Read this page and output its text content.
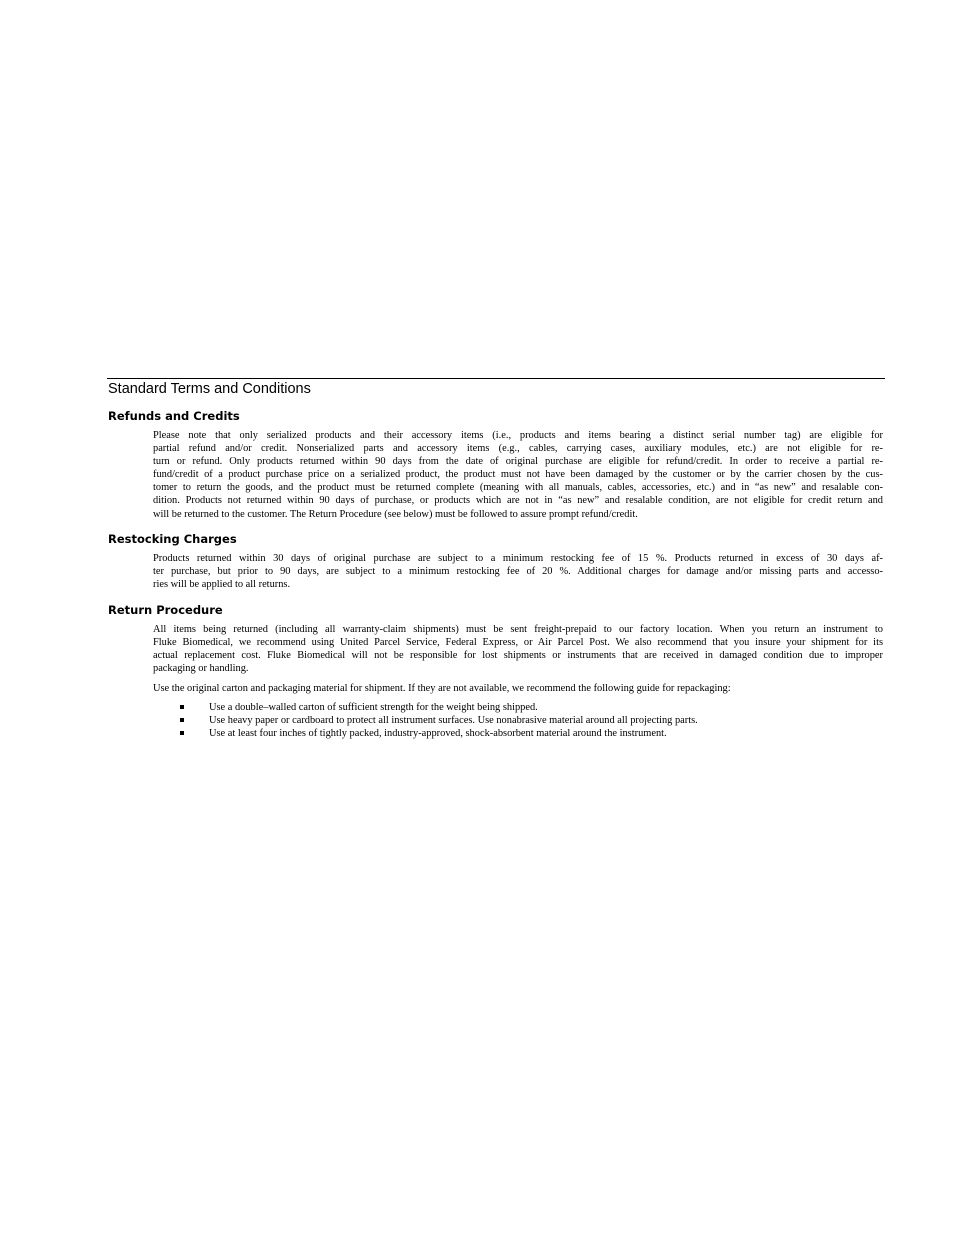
Standard Terms and Conditions
Refunds and Credits
Please note that only serialized products and their accessory items (i.e., products and items bearing a distinct serial number tag) are eligible for
partial refund and/or credit. Nonserialized parts and accessory items (e.g., cables, carrying cases, auxiliary modules, etc.) are not eligible for re-
turn or refund. Only products returned within 90 days from the date of original purchase are eligible for refund/credit. In order to receive a partial re-
fund/credit of a product purchase price on a serialized product, the product must not have been damaged by the customer or by the carrier chosen by the cus-
tomer to return the goods, and the product must be returned complete (meaning with all manuals, cables, accessories, etc.) and in “as new” and resalable con-
dition. Products not returned within 90 days of purchase, or products which are not in “as new” and resalable condition, are not eligible for credit return and
will be returned to the customer. The Return Procedure (see below) must be followed to assure prompt refund/credit.
Restocking Charges
Products returned within 30 days of original purchase are subject to a minimum restocking fee of 15 %. Products returned in excess of 30 days af-
ter purchase, but prior to 90 days, are subject to a minimum restocking fee of 20 %. Additional charges for damage and/or missing parts and accesso-
ries will be applied to all returns.
Return Procedure
All items being returned (including all warranty-claim shipments) must be sent freight-prepaid to our factory location. When you return an instrument to
Fluke Biomedical, we recommend using United Parcel Service, Federal Express, or Air Parcel Post. We also recommend that you insure your shipment for its
actual replacement cost. Fluke Biomedical will not be responsible for lost shipments or instruments that are received in damaged condition due to improper
packaging or handling.
Use the original carton and packaging material for shipment. If they are not available, we recommend the following guide for repackaging:
Use a double–walled carton of sufficient strength for the weight being shipped.
Use heavy paper or cardboard to protect all instrument surfaces. Use nonabrasive material around all projecting parts.
Use at least four inches of tightly packed, industry-approved, shock-absorbent material around the instrument.
